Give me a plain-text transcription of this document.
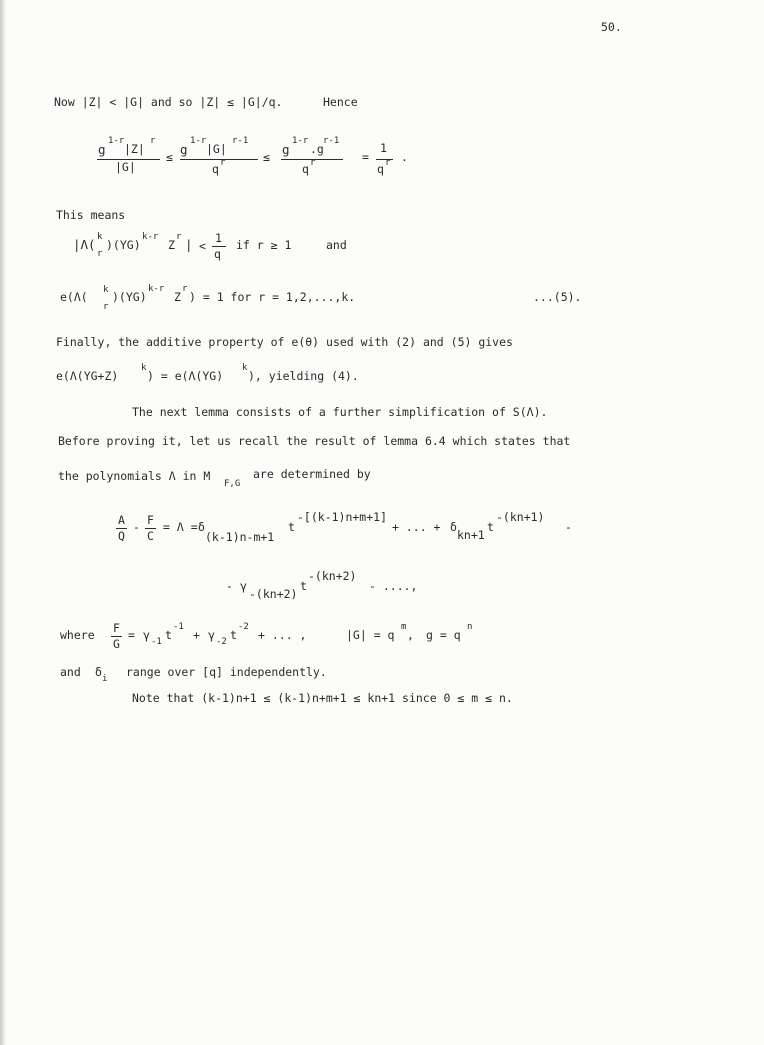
50.
Now |Z| < |G| and so |Z| ≤ |G|/q.	Hence
g
1-r
|Z|
r
|G|
≤ g
1-r
|G|
r-1
q r	≤ g
1-r
.g
r-1
q r	=
1
q r .
This means
|Λ( k
r
)(YG)
k-r
Z
r | <
1
q
if r ≥ 1	and
e(Λ( k
r
)(YG)
k-r
Z
r
) = 1 for r = 1,2,...,k.	...(5).
Finally, the additive property of e(θ) used with (2) and (5) gives
e(Λ(YG+Z)
k
) = e(Λ(YG)
k
), yielding (4).
The next lemma consists of a further simplification of S(Λ).
Before proving it, let us recall the result of lemma 6.4 which states that
the polynomials Λ in M
F,G
are determined by
A
Q
- F
C
= Λ = δ
(k-1)n-m+1
t
-[(k-1)n+m+1]
+ ... + δ
kn+1
t
-(kn+1)
-
- γ
-(kn+2)
t
-(kn+2)
- ....,
where F
G
= γ -1 t
-1
+ γ -2 t
-2
+ ... ,	|G| = q
m
, g = q
n
and δ i range over [q] independently.
Note that (k-1)n+1 ≤ (k-1)n+m+1 ≤ kn+1 since 0 ≤ m ≤ n.
